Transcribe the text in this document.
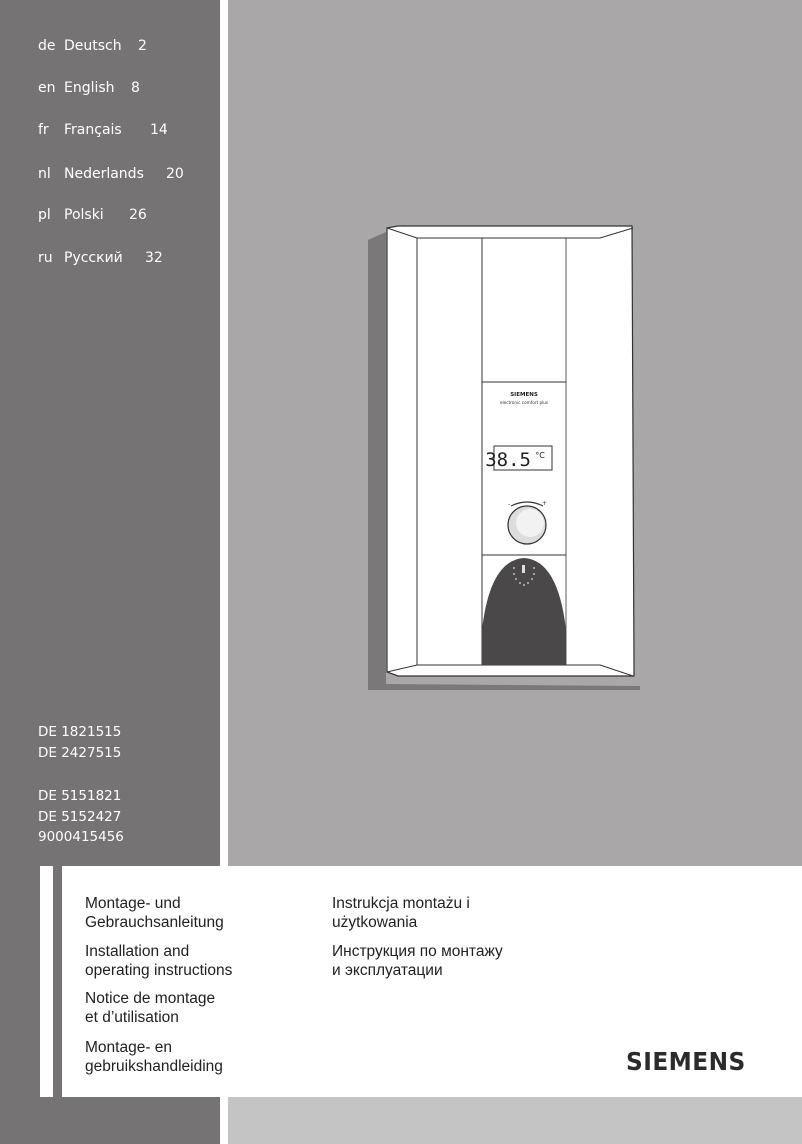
de Deutsch 2
en English 8
fr Français 14
nl Nederlands 20
pl Polski 26
ru Русский 32
DE 1821515
DE 2427515
DE 5151821
DE 5152427
9000415456
SIEMENS
electronic comfort plus
38.5 °C
-	+
Montage- und
Gebrauchsanleitung
Installation and
operating instructions
Notice de montage
et d’utilisation
Montage- en
gebruikshandleiding
Instrukcja montażu i
użytkowania
Инструкция по монтажу
и эксплуатации
SIEMENS
